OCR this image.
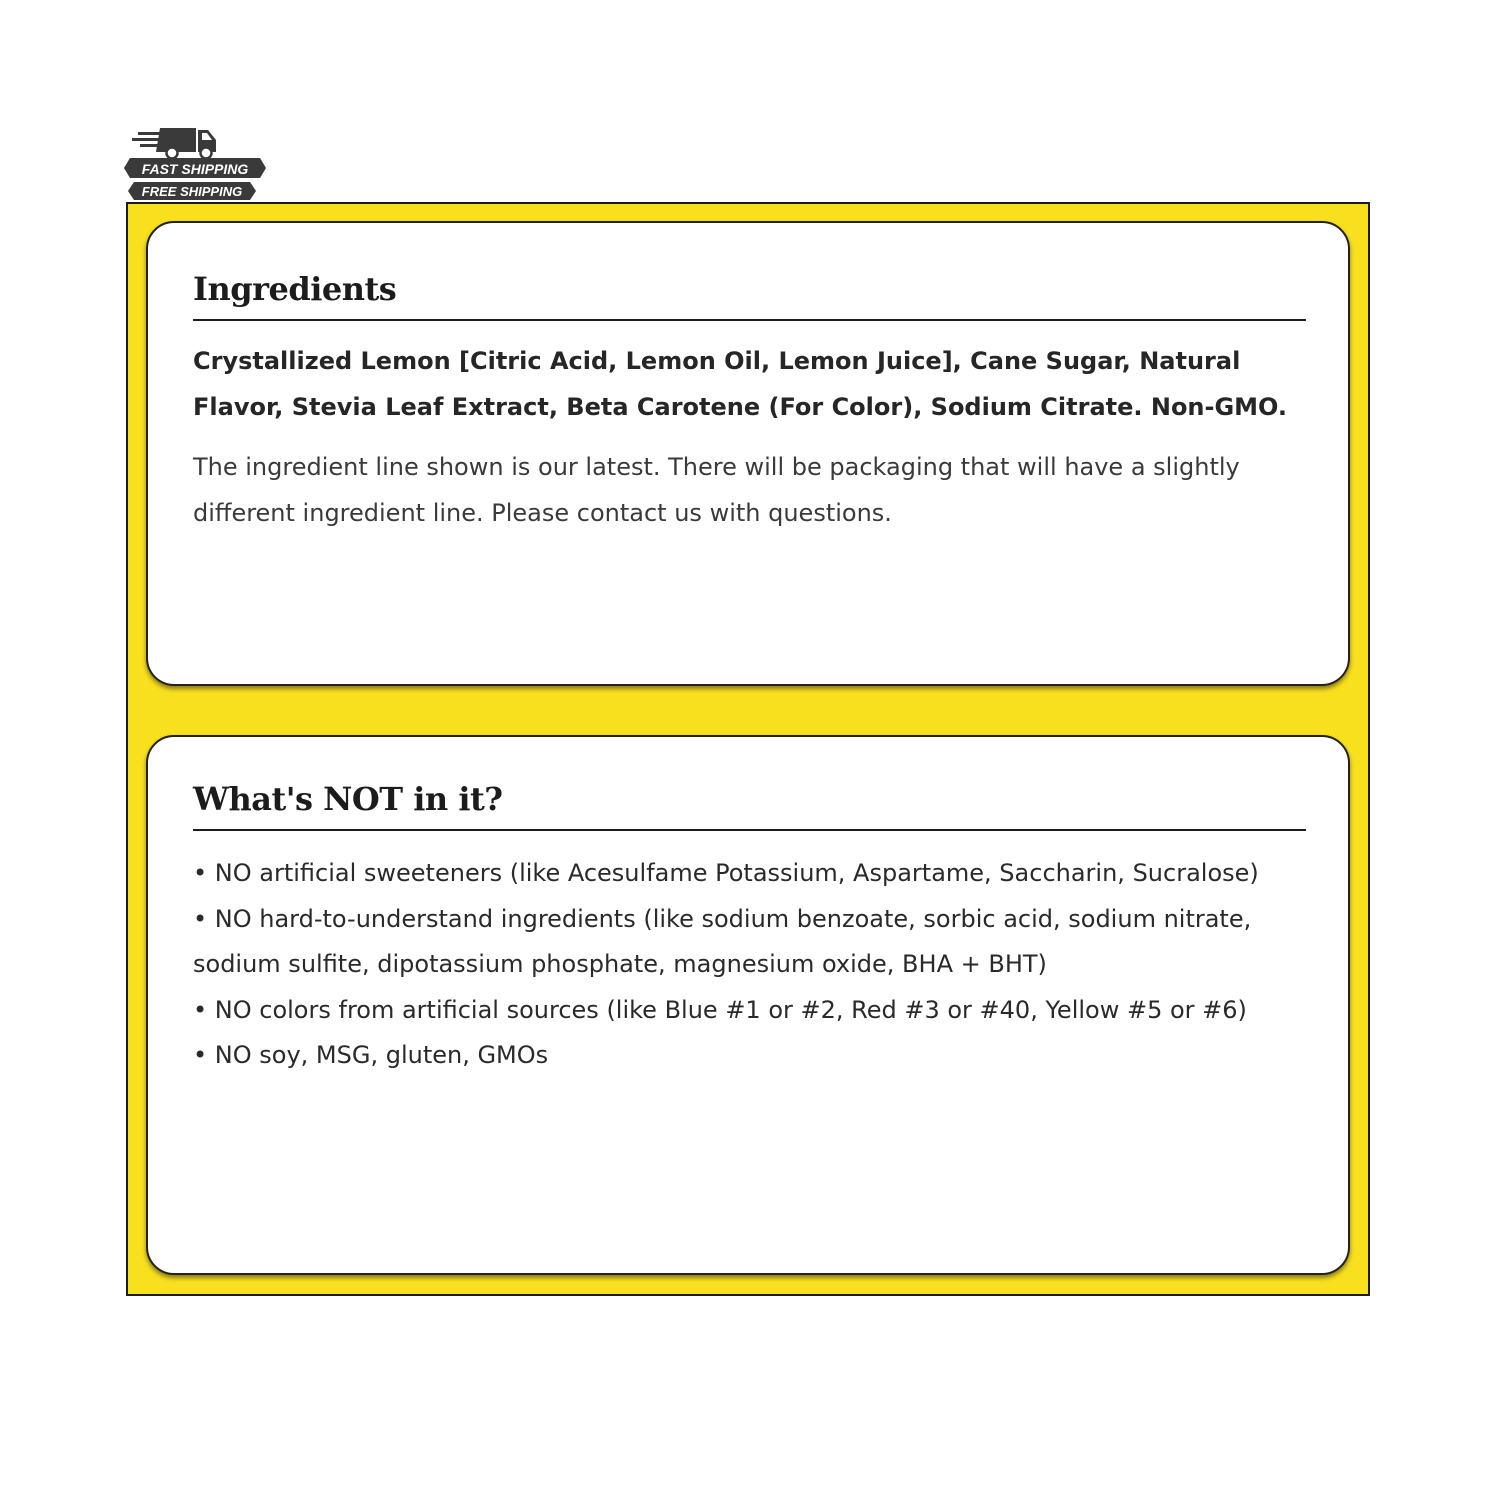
FAST SHIPPING
FREE SHIPPING
Ingredients

Crystallized Lemon [Citric Acid, Lemon Oil, Lemon Juice], Cane Sugar, Natural Flavor, Stevia Leaf Extract, Beta Carotene (For Color), Sodium Citrate. Non-GMO.

The ingredient line shown is our latest. There will be packaging that will have a slightly different ingredient line. Please contact us with questions.

What's NOT in it?
• NO artificial sweeteners (like Acesulfame Potassium, Aspartame, Saccharin, Sucralose)
• NO hard-to-understand ingredients (like sodium benzoate, sorbic acid, sodium nitrate, sodium sulfite, dipotassium phosphate, magnesium oxide, BHA + BHT)
• NO colors from artificial sources (like Blue #1 or #2, Red #3 or #40, Yellow #5 or #6)
• NO soy, MSG, gluten, GMOs
